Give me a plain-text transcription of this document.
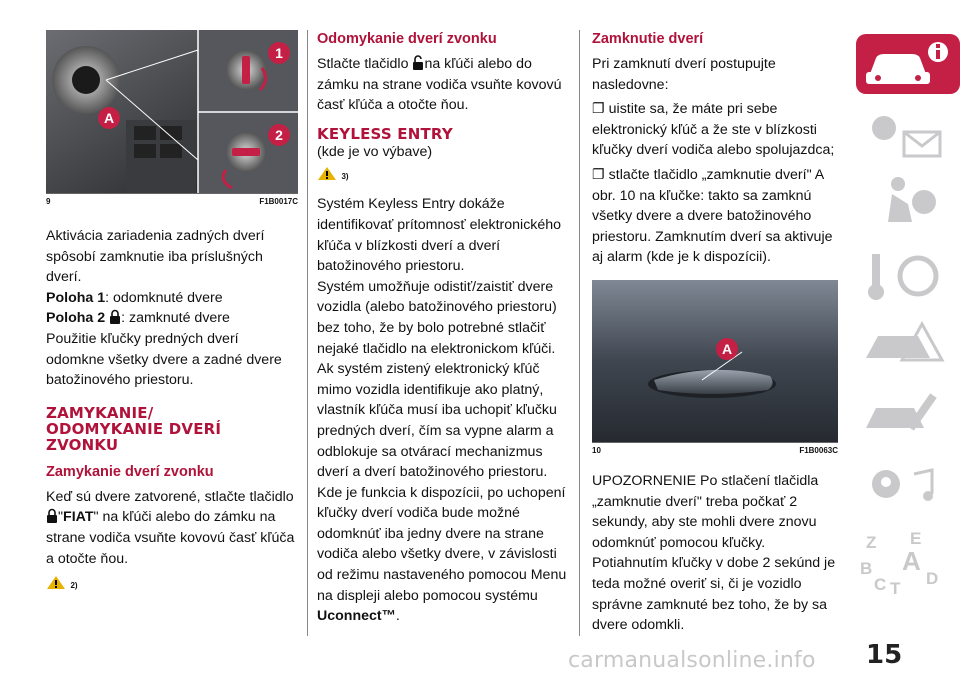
A
1
2
9	F1B0017C

Aktivácia zariadenia zadných dverí spôsobí zamknutie iba príslušných dverí.

Poloha 1: odomknuté dvere

Poloha 2 : zamknuté dvere

Použitie kľučky predných dverí odomkne všetky dvere a zadné dvere batožinového priestoru.

ZAMYKANIE/
ODOMYKANIE DVERÍ
ZVONKU
Zamykanie dverí zvonku

Keď sú dvere zatvorené, stlačte tlačidlo
"FIAT" na kľúči alebo do zámku na strane vodiča vsuňte kovovú časť kľúča a otočte ňou.

2)
Odomykanie dverí zvonku

Stlačte tlačidlo na kľúči alebo do zámku na strane vodiča vsuňte kovovú časť kľúča a otočte ňou.

KEYLESS ENTRY

(kde je vo výbave)

3)

Systém Keyless Entry dokáže identifikovať prítomnosť elektronického kľúča v blízkosti dverí a dverí batožinového priestoru.

Systém umožňuje odistiť/zaistiť dvere vozidla (alebo batožinového priestoru) bez toho, že by bolo potrebné stlačiť nejaké tlačidlo na elektronickom kľúči.

Ak systém zistený elektronický kľúč mimo vozidla identifikuje ako platný, vlastník kľúča musí iba uchopiť kľučku predných dverí, čím sa vypne alarm a odblokuje sa otvárací mechanizmus dverí a dverí batožinového priestoru.

Kde je funkcia k dispozícii, po uchopení kľučky dverí vodiča bude možné odomknúť iba jedny dvere na strane vodiča alebo všetky dvere, v závislosti od režimu nastaveného pomocou Menu na displeji alebo pomocou systému Uconnect™.

Zamknutie dverí

Pri zamknutí dverí postupujte nasledovne:

❐ uistite sa, že máte pri sebe elektronický kľúč a že ste v blízkosti kľučky dverí vodiča alebo spolujazdca;

❐ stlačte tlačidlo „zamknutie dverí" A obr. 10 na kľučke: takto sa zamknú všetky dvere a dvere batožinového priestoru. Zamknutím dverí sa aktivuje aj alarm (kde je k dispozícii).

A
10	F1B0063C

UPOZORNENIE Po stlačení tlačidla „zamknutie dverí" treba počkať 2 sekundy, aby ste mohli dvere znovu odomknúť pomocou kľučky. Potiahnutím kľučky v dobe 2 sekúnd je teda možné overiť si, či je vozidlo správne zamknuté bez toho, že by sa dvere odomkli.

Z E
B A
C T
D
15
carmanualsonline.info
